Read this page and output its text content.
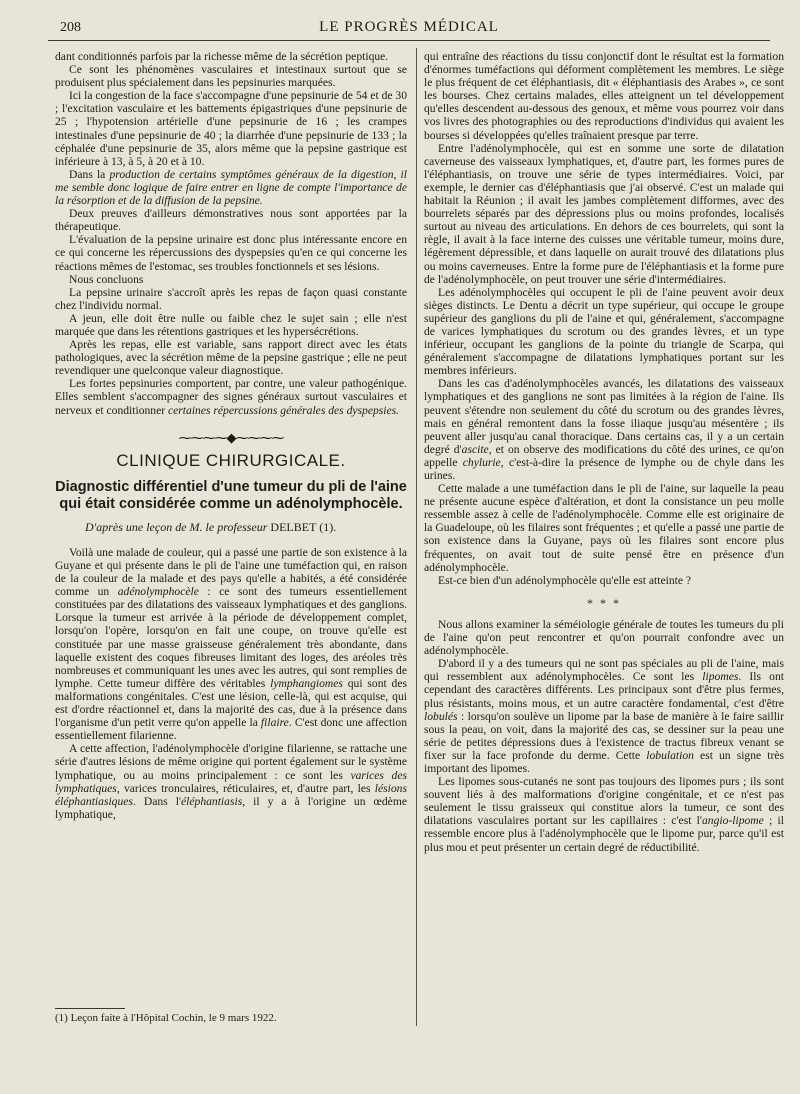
208	LE PROGRÈS MÉDICAL

dant conditionnés parfois par la richesse même de la sécrétion peptique.

Ce sont les phénomènes vasculaires et intestinaux surtout que se produisent plus spécialement dans les pepsinuries marquées.

Ici la congestion de la face s'accompagne d'une pepsinurie de 54 et de 30 ; l'excitation vasculaire et les battements épigastriques d'une pepsinurie de 25 ; l'hypotension artérielle d'une pepsinurie de 16 ; les crampes intestinales d'une pepsinurie de 40 ; la diarrhée d'une pepsinurie de 133 ; la céphalée d'une pepsinurie de 35, alors même que la pepsine gastrique est inférieure à 13, à 5, à 20 et à 10.

Dans la production de certains symptômes généraux de la digestion, il me semble donc logique de faire entrer en ligne de compte l'importance de la résorption et de la diffusion de la pepsine.

Deux preuves d'ailleurs démonstratives nous sont apportées par la thérapeutique.

L'évaluation de la pepsine urinaire est donc plus intéressante encore en ce qui concerne les répercussions des dyspepsies qu'en ce qui concerne les réactions mêmes de l'estomac, ses troubles fonctionnels et ses lésions.

Nous concluons

La pepsine urinaire s'accroît après les repas de façon quasi constante chez l'individu normal.

A jeun, elle doit être nulle ou faible chez le sujet sain ; elle n'est marquée que dans les rétentions gastriques et les hypersécrétions.

Après les repas, elle est variable, sans rapport direct avec les états pathologiques, avec la sécrétion même de la pepsine gastrique ; elle ne peut revendiquer une quelconque valeur diagnostique.

Les fortes pepsinuries comportent, par contre, une valeur pathogénique. Elles semblent s'accompagner des signes généraux surtout vasculaires et nerveux et conditionner certaines répercussions générales des dyspepsies.

⁓⁓⁓⁓◆⁓⁓⁓⁓
CLINIQUE CHIRURGICALE.
Diagnostic différentiel d'une tumeur du pli de l'aine qui était considérée comme un adénolymphocèle.
D'après une leçon de M. le professeur DELBET (1).

Voilà une malade de couleur, qui a passé une partie de son existence à la Guyane et qui présente dans le pli de l'aine une tuméfaction qui, en raison de la couleur de la malade et des pays qu'elle a habités, a été considérée comme un adénolymphocèle : ce sont des tumeurs essentiellement constituées par des dilatations des vaisseaux lymphatiques et des ganglions. Lorsque la tumeur est arrivée à la période de développement complet, lorsqu'on l'opère, lorsqu'on en fait une coupe, on trouve qu'elle est constituée par une masse graisseuse généralement très abondante, dans laquelle existent des coques fibreuses limitant des loges, des aréoles très nombreuses et communiquant les unes avec les autres, qui sont remplies de lymphe. Cette tumeur diffère des véritables lymphangiomes qui sont des malformations congénitales. C'est une lésion, celle-là, qui est acquise, qui est d'ordre réactionnel et, dans la majorité des cas, due à la présence dans l'organisme d'un petit verre qu'on appelle la filaire. C'est donc une affection essentiellement filarienne.

A cette affection, l'adénolymphocèle d'origine filarienne, se rattache une série d'autres lésions de même origine qui portent également sur le système lymphatique, ou au moins principalement : ce sont les varices des lymphatiques, varices tronculaires, réticulaires, et, d'autre part, les lésions éléphantiasiques. Dans l'éléphantiasis, il y a à l'origine un œdème lymphatique,

(1) Leçon faite à l'Hôpital Cochin, le 9 mars 1922.

qui entraîne des réactions du tissu conjonctif dont le résultat est la formation d'énormes tuméfactions qui déforment complètement les membres. Le siège le plus fréquent de cet éléphantiasis, dit « éléphantiasis des Arabes », ce sont les bourses. Chez certains malades, elles atteignent un tel développement qu'elles descendent au-dessous des genoux, et même vous pourrez voir dans vos livres des photographies ou des reproductions d'individus qui avaient les bourses si développées qu'elles traînaient presque par terre.

Entre l'adénolymphocèle, qui est en somme une sorte de dilatation caverneuse des vaisseaux lymphatiques, et, d'autre part, les formes pures de l'éléphantiasis, on trouve une série de types intermédiaires. Voici, par exemple, le dernier cas d'éléphantiasis que j'ai observé. C'est un malade qui habitait la Réunion ; il avait les jambes complètement difformes, avec des bourrelets séparés par des dépressions plus ou moins profondes, localisés surtout au niveau des articulations. En dehors de ces bourrelets, qui sont la règle, il avait à la face interne des cuisses une véritable tumeur, moins dure, légèrement dépressible, et dans laquelle on aurait trouvé des dilatations plus ou moins caverneuses. Entre la forme pure de l'éléphantiasis et la forme pure de l'adénolymphocèle, on peut trouver une série d'intermédiaires.

Les adénolymphocèles qui occupent le pli de l'aine peuvent avoir deux sièges distincts. Le Dentu a décrit un type supérieur, qui occupe le groupe supérieur des ganglions du pli de l'aine et qui, généralement, s'accompagne de varices lymphatiques du scrotum ou des grandes lèvres, et un type inférieur, occupant les ganglions de la pointe du triangle de Scarpa, qui généralement s'accompagne de dilatations lymphatiques portant sur les membres inférieurs.

Dans les cas d'adénolymphocèles avancés, les dilatations des vaisseaux lymphatiques et des ganglions ne sont pas limitées à la région de l'aine. Ils peuvent s'étendre non seulement du côté du scrotum ou des grandes lèvres, mais en général remontent dans la fosse iliaque jusqu'au mésentère ; ils peuvent aller jusqu'au canal thoracique. Dans certains cas, il y a un certain degré d'ascite, et on observe des modifications du côté des urines, ce qu'on appelle chylurie, c'est-à-dire la présence de lymphe ou de chyle dans les urines.

Cette malade a une tuméfaction dans le pli de l'aine, sur laquelle la peau ne présente aucune espèce d'altération, et dont la consistance un peu molle ressemble assez à celle de l'adénolymphocèle. Comme elle est originaire de la Guadeloupe, où les filaires sont fréquentes ; et qu'elle a passé une partie de son existence dans la Guyane, pays où les filaires sont encore plus fréquentes, on avait tout de suite pensé être en présence d'un adénolymphocèle.

Est-ce bien d'un adénolymphocèle qu'elle est atteinte ?

* * *

Nous allons examiner la séméiologie générale de toutes les tumeurs du pli de l'aine qu'on peut rencontrer et qu'on pourrait confondre avec un adénolymphocèle.

D'abord il y a des tumeurs qui ne sont pas spéciales au pli de l'aine, mais qui ressemblent aux adénolymphocèles. Ce sont les lipomes. Ils ont cependant des caractères différents. Les principaux sont d'être plus fermes, plus résistants, moins mous, et un autre caractère fondamental, c'est d'être lobulés : lorsqu'on soulève un lipome par la base de manière à le faire saillir sous la peau, on voit, dans la majorité des cas, se dessiner sur la peau une série de petites dépressions dues à l'existence de tractus fibreux venant se fixer sur la face profonde du derme. Cette lobulation est un signe très important des lipomes.

Les lipomes sous-cutanés ne sont pas toujours des lipomes purs ; ils sont souvent liés à des malformations d'origine congénitale, et ce n'est pas seulement le tissu graisseux qui constitue alors la tumeur, ce sont des dilatations vasculaires portant sur les capillaires : c'est l'angio-lipome ; il ressemble encore plus à l'adénolymphocèle que le lipome pur, parce qu'il est plus mou et peut présenter un certain degré de réductibilité.
